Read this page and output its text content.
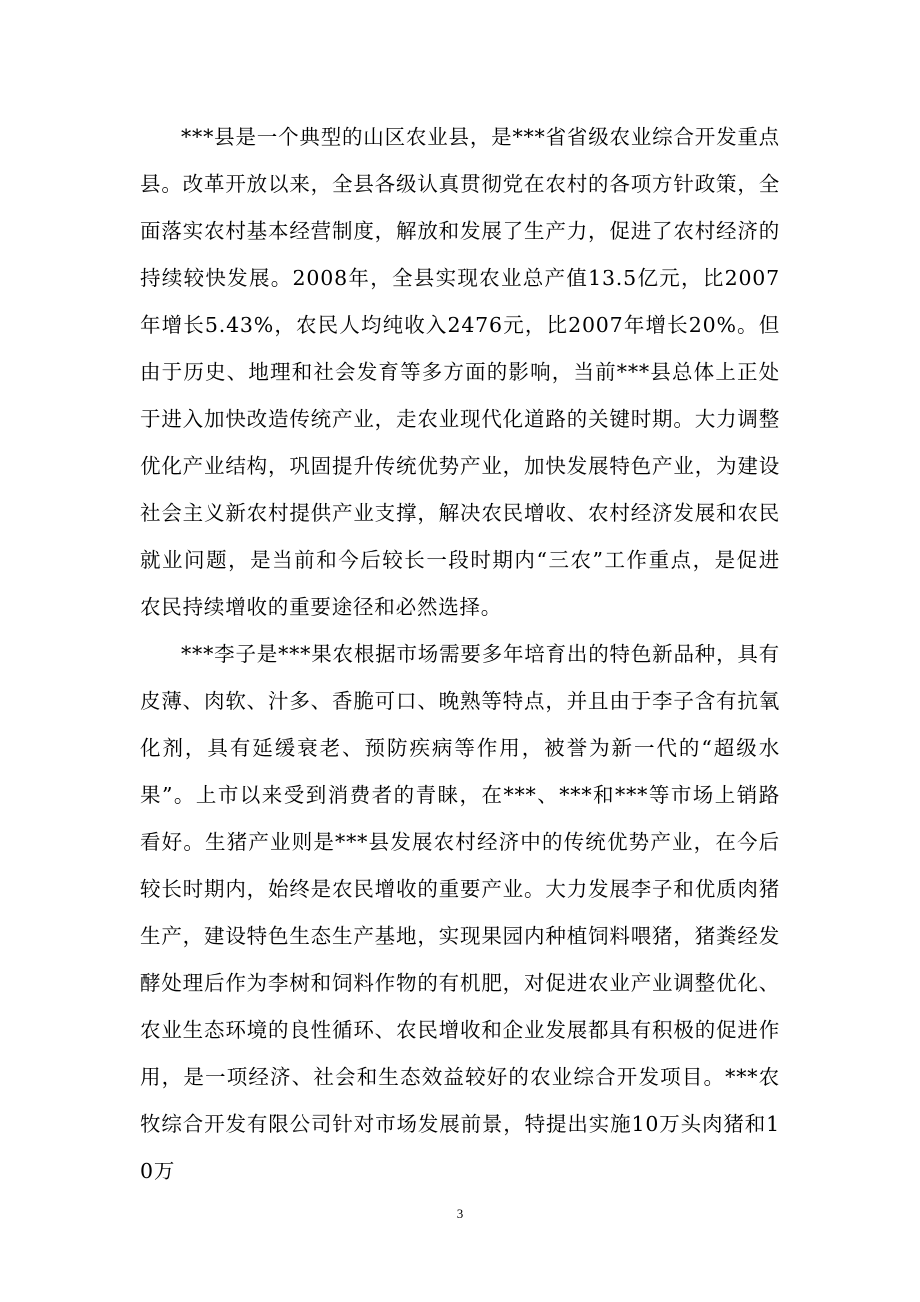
***县是一个典型的山区农业县，是***省省级农业综合开发重点县。改革开放以来，全县各级认真贯彻党在农村的各项方针政策，全面落实农村基本经营制度，解放和发展了生产力，促进了农村经济的持续较快发展。2008年，全县实现农业总产值13.5亿元，比2007年增长5.43%，农民人均纯收入2476元，比2007年增长20%。但由于历史、地理和社会发育等多方面的影响，当前***县总体上正处于进入加快改造传统产业，走农业现代化道路的关键时期。大力调整优化产业结构，巩固提升传统优势产业，加快发展特色产业，为建设社会主义新农村提供产业支撑，解决农民增收、农村经济发展和农民就业问题，是当前和今后较长一段时期内“三农”工作重点，是促进农民持续增收的重要途径和必然选择。

***李子是***果农根据市场需要多年培育出的特色新品种，具有皮薄、肉软、汁多、香脆可口、晚熟等特点，并且由于李子含有抗氧化剂，具有延缓衰老、预防疾病等作用，被誉为新一代的“超级水果”。上市以来受到消费者的青睐，在***、***和***等市场上销路看好。生猪产业则是***县发展农村经济中的传统优势产业，在今后较长时期内，始终是农民增收的重要产业。大力发展李子和优质肉猪生产，建设特色生态生产基地，实现果园内种植饲料喂猪，猪粪经发酵处理后作为李树和饲料作物的有机肥，对促进农业产业调整优化、农业生态环境的良性循环、农民增收和企业发展都具有积极的促进作用，是一项经济、社会和生态效益较好的农业综合开发项目。***农牧综合开发有限公司针对市场发展前景，特提出实施10万头肉猪和10万

3
